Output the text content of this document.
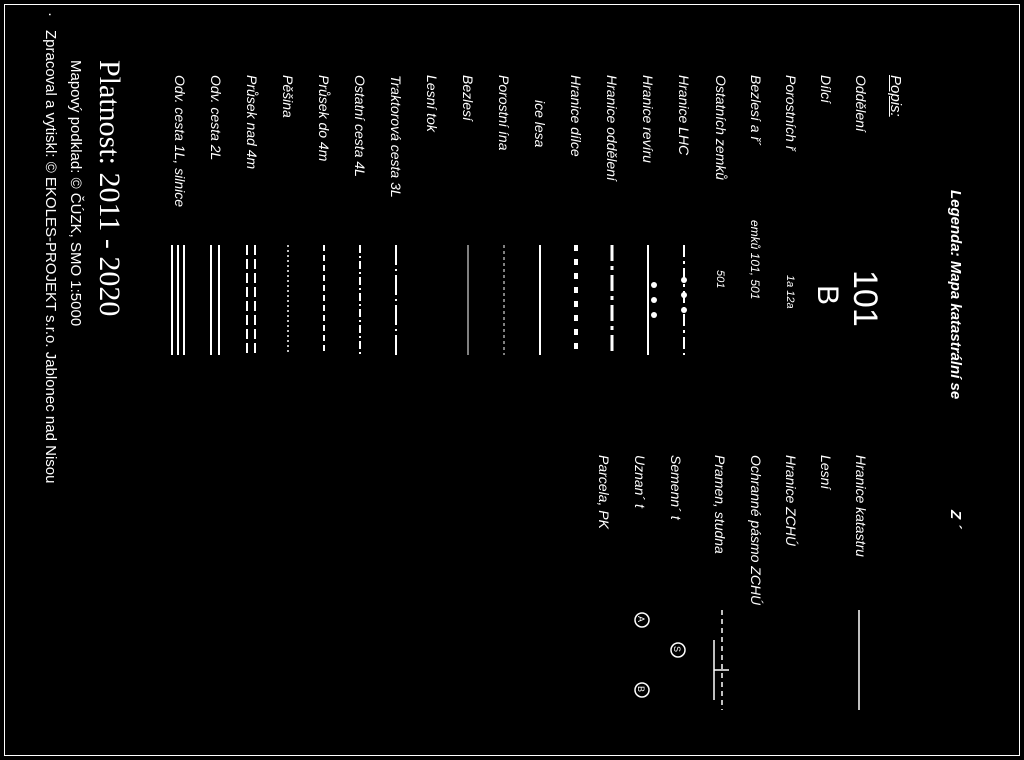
Legenda: Mapa katastrální se
Z ´
Popis:
Oddělení
Dílcí
Porostních ř
Bezlesí a ř´
Ostatních zemků
Hranice LHC
Hranice revíru
Hranice oddělení
Hranice dílce
ice lesa
Porostní ína
Bezlesí
Lesní tok
Traktorová cesta 3L
Ostatní cesta 4L
Průsek do 4m
Pěšina
Průsek nad 4m
Odv. cesta 2L
Odv. cesta 1L, silnice
101
B
1a 12a
emků 101, 501
501
Hranice katastru
Lesní
Hranice ZCHÚ
Ochranné pásmo ZCHÚ
Pramen, studna
Semenn´ t
Uznan´ t
Parcela, PK
S
A
B
Platnost: 2011 - 2020
Mapový podklad: © ČÚZK, SMO 1:5000
Zpracoval a vytiskl: © EKOLES-PROJEKT s.r.o. Jablonec nad Nisou
·
